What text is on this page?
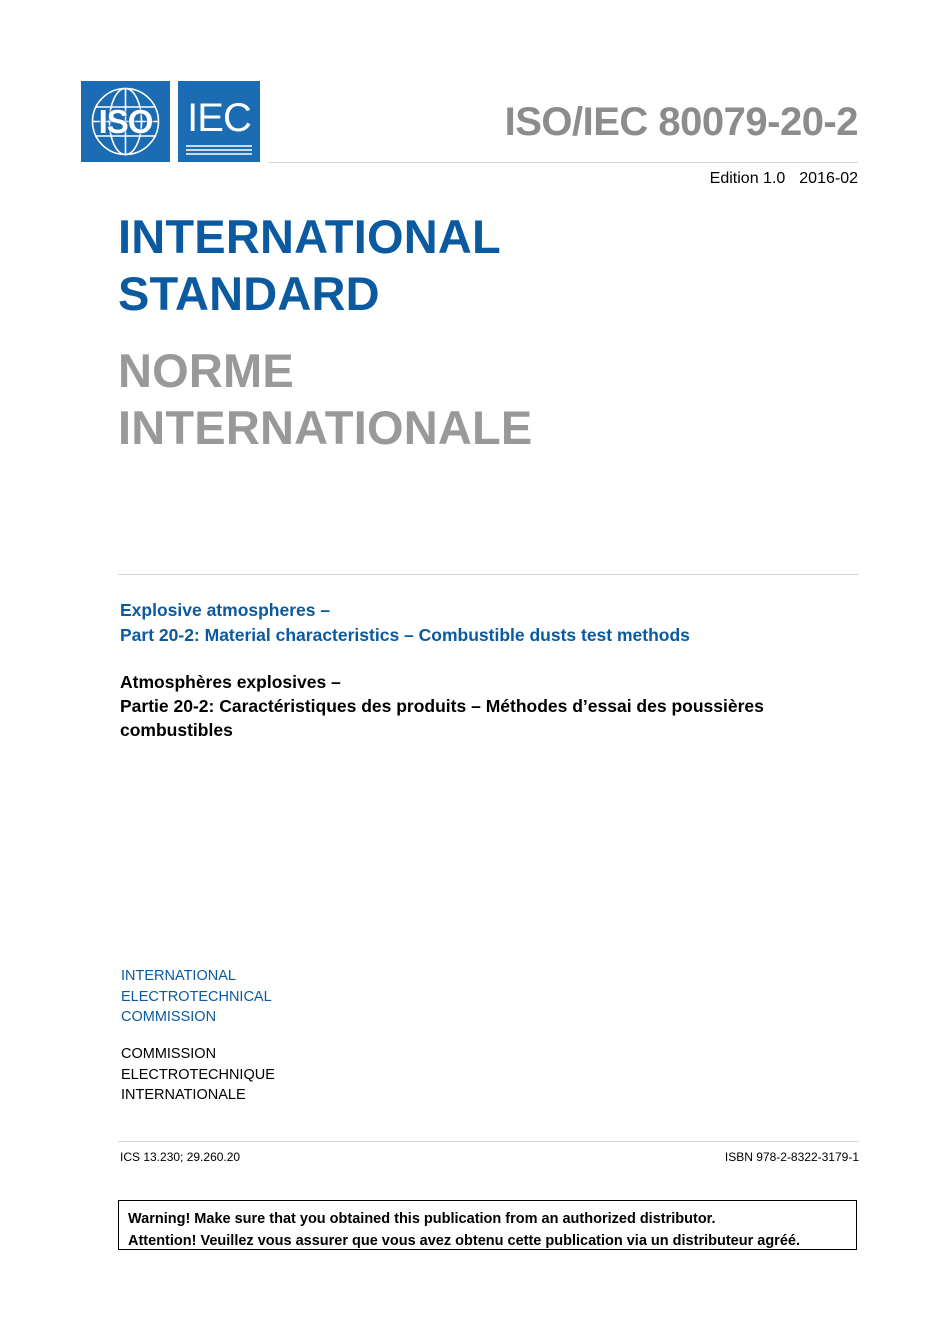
ISO IEC	ISO/IEC 80079-20-2
Edition 1.0 2016-02
INTERNATIONAL
STANDARD
NORME
INTERNATIONALE
Explosive atmospheres –
Part 20-2: Material characteristics – Combustible dusts test methods
Atmosphères explosives –
Partie 20-2: Caractéristiques des produits – Méthodes d’essai des poussières
combustibles
INTERNATIONAL
ELECTROTECHNICAL
COMMISSION
COMMISSION
ELECTROTECHNIQUE
INTERNATIONALE
ICS 13.230; 29.260.20	ISBN 978-2-8322-3179-1
Warning! Make sure that you obtained this publication from an authorized distributor.
Attention! Veuillez vous assurer que vous avez obtenu cette publication via un distributeur agréé.
